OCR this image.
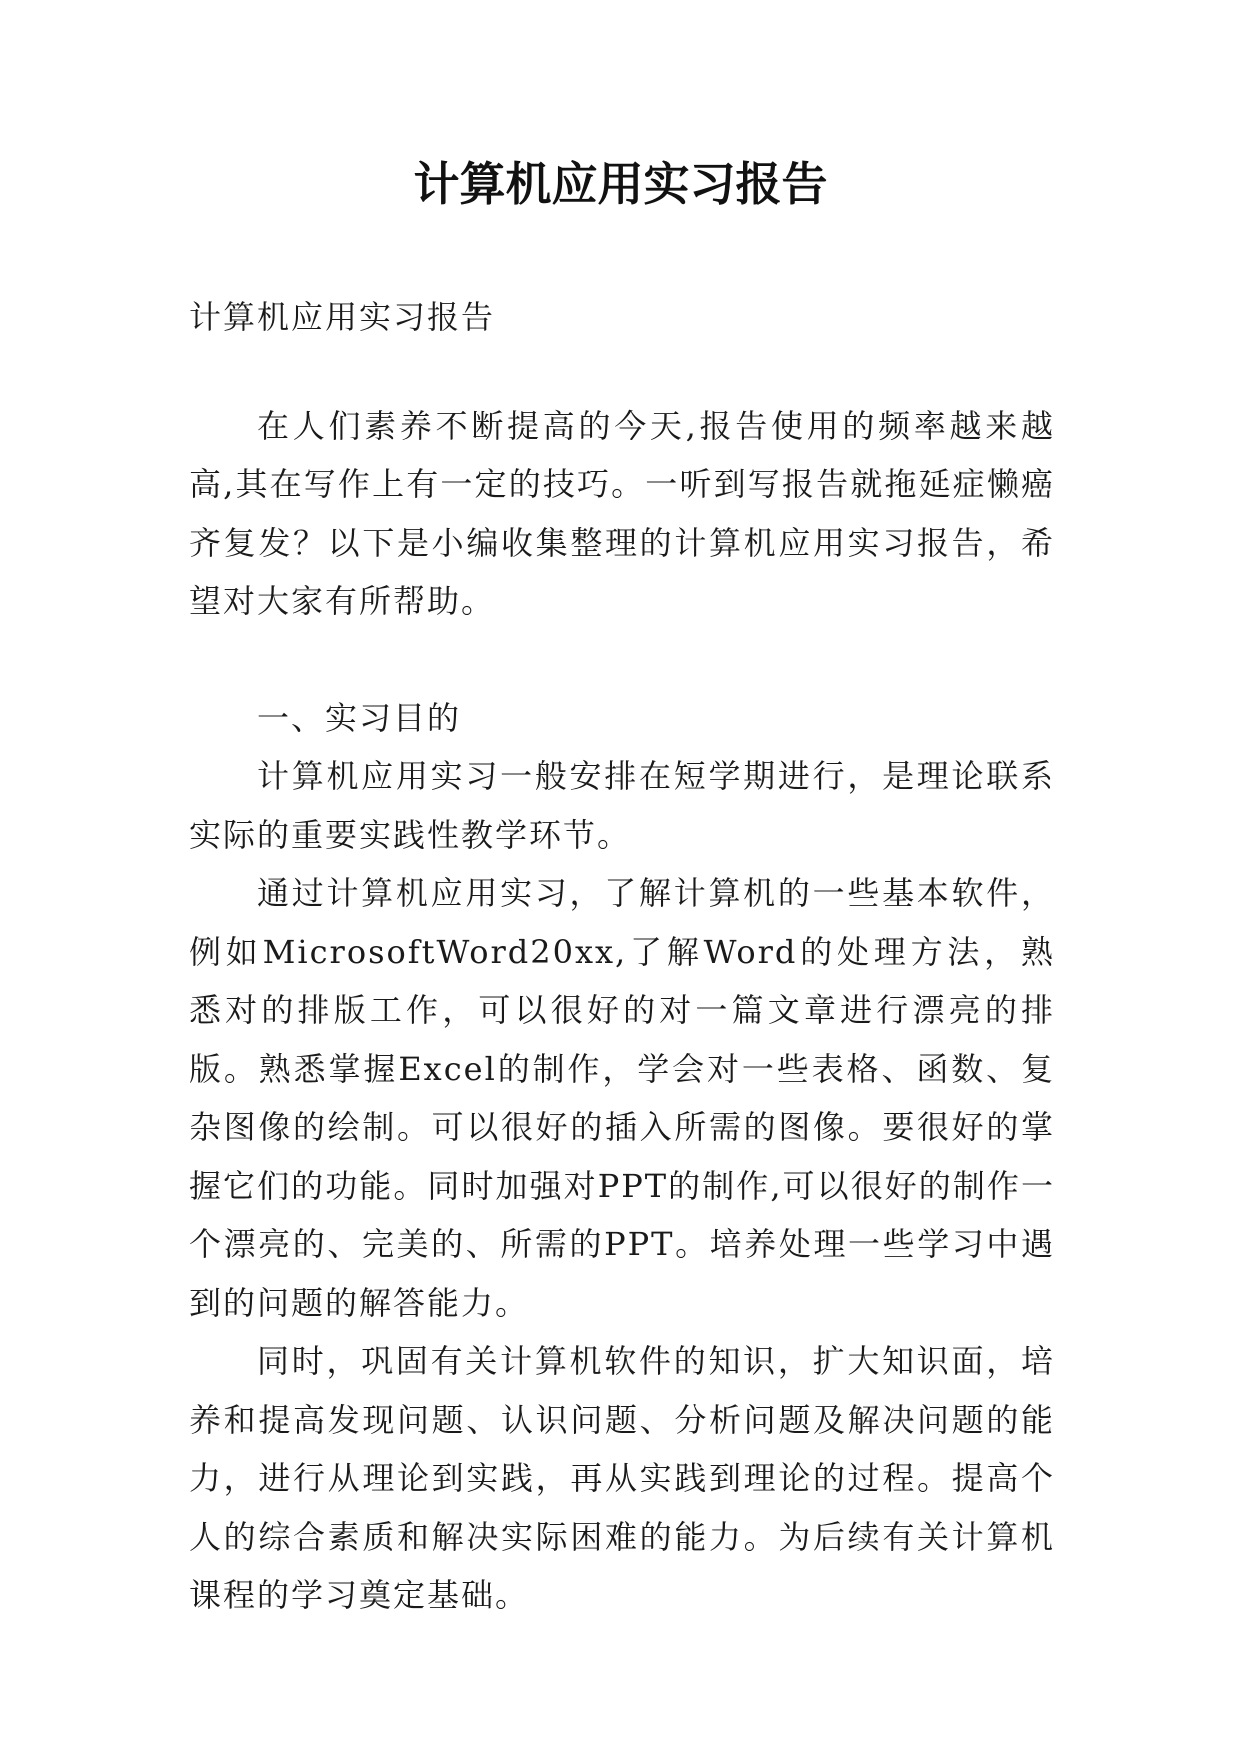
计算机应用实习报告

计算机应用实习报告

在人们素养不断提高的今天,报告使用的频率越来越高,其在写作上有一定的技巧。一听到写报告就拖延症懒癌齐复发？以下是小编收集整理的计算机应用实习报告，希望对大家有所帮助。

一、实习目的

计算机应用实习一般安排在短学期进行，是理论联系实际的重要实践性教学环节。

通过计算机应用实习，了解计算机的一些基本软件，例如MicrosoftWord20xx,了解Word的处理方法，熟悉对的排版工作，可以很好的对一篇文章进行漂亮的排版。熟悉掌握Excel的制作，学会对一些表格、函数、复杂图像的绘制。可以很好的插入所需的图像。要很好的掌握它们的功能。同时加强对PPT的制作,可以很好的制作一个漂亮的、完美的、所需的PPT。培养处理一些学习中遇到的问题的解答能力。

同时，巩固有关计算机软件的知识，扩大知识面，培养和提高发现问题、认识问题、分析问题及解决问题的能力，进行从理论到实践，再从实践到理论的过程。提高个人的综合素质和解决实际困难的能力。为后续有关计算机课程的学习奠定基础。
